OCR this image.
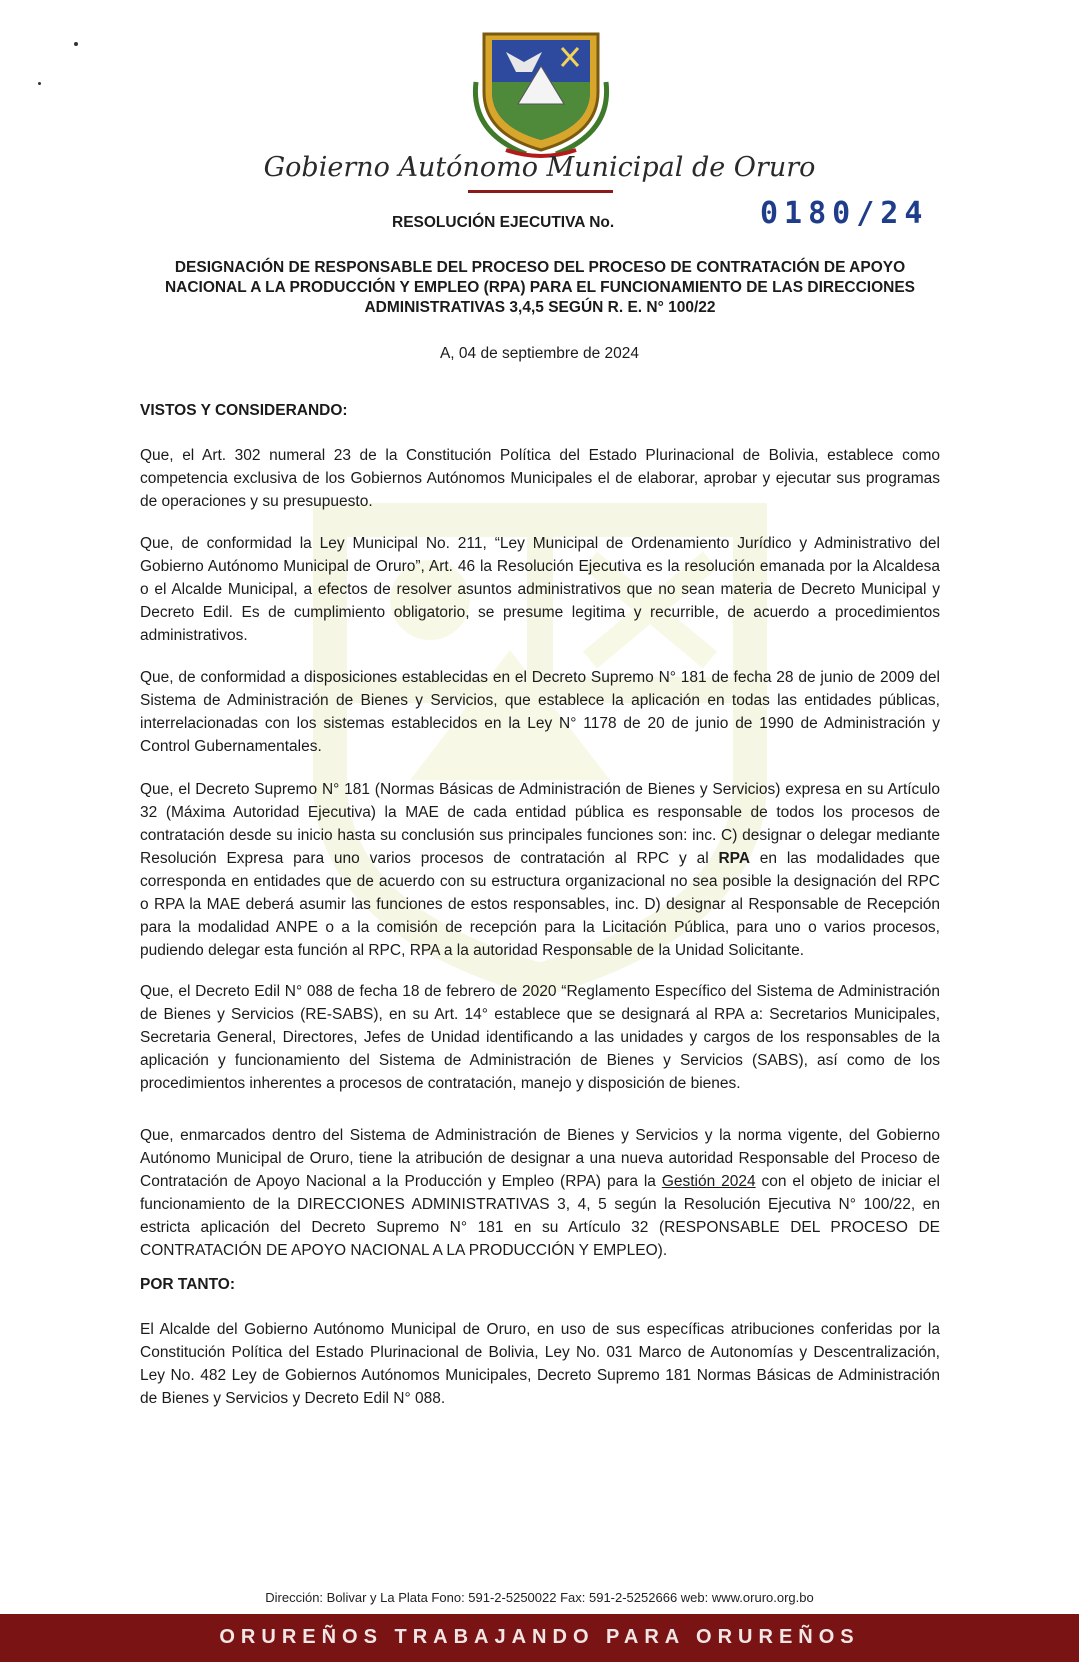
Gobierno Autónomo Municipal de Oruro
RESOLUCIÓN EJECUTIVA No.	0180/24
DESIGNACIÓN DE RESPONSABLE DEL PROCESO DEL PROCESO DE CONTRATACIÓN DE APOYO NACIONAL A LA PRODUCCIÓN Y EMPLEO (RPA) PARA EL FUNCIONAMIENTO DE LAS DIRECCIONES ADMINISTRATIVAS 3,4,5 SEGÚN R. E. N° 100/22
A, 04 de septiembre de 2024
VISTOS Y CONSIDERANDO:

Que, el Art. 302 numeral 23 de la Constitución Política del Estado Plurinacional de Bolivia, establece como competencia exclusiva de los Gobiernos Autónomos Municipales el de elaborar, aprobar y ejecutar sus programas de operaciones y su presupuesto.

Que, de conformidad la Ley Municipal No. 211, “Ley Municipal de Ordenamiento Jurídico y Administrativo del Gobierno Autónomo Municipal de Oruro”, Art. 46 la Resolución Ejecutiva es la resolución emanada por la Alcaldesa o el Alcalde Municipal, a efectos de resolver asuntos administrativos que no sean materia de Decreto Municipal y Decreto Edil. Es de cumplimiento obligatorio, se presume legitima y recurrible, de acuerdo a procedimientos administrativos.

Que, de conformidad a disposiciones establecidas en el Decreto Supremo N° 181 de fecha 28 de junio de 2009 del Sistema de Administración de Bienes y Servicios, que establece la aplicación en todas las entidades públicas, interrelacionadas con los sistemas establecidos en la Ley N° 1178 de 20 de junio de 1990 de Administración y Control Gubernamentales.

Que, el Decreto Supremo N° 181 (Normas Básicas de Administración de Bienes y Servicios) expresa en su Artículo 32 (Máxima Autoridad Ejecutiva) la MAE de cada entidad pública es responsable de todos los procesos de contratación desde su inicio hasta su conclusión sus principales funciones son: inc. C) designar o delegar mediante Resolución Expresa para uno varios procesos de contratación al RPC y al RPA en las modalidades que corresponda en entidades que de acuerdo con su estructura organizacional no sea posible la designación del RPC o RPA la MAE deberá asumir las funciones de estos responsables, inc. D) designar al Responsable de Recepción para la modalidad ANPE o a la comisión de recepción para la Licitación Pública, para uno o varios procesos, pudiendo delegar esta función al RPC, RPA a la autoridad Responsable de la Unidad Solicitante.

Que, el Decreto Edil N° 088 de fecha 18 de febrero de 2020 “Reglamento Específico del Sistema de Administración de Bienes y Servicios (RE-SABS), en su Art. 14° establece que se designará al RPA a: Secretarios Municipales, Secretaria General, Directores, Jefes de Unidad identificando a las unidades y cargos de los responsables de la aplicación y funcionamiento del Sistema de Administración de Bienes y Servicios (SABS), así como de los procedimientos inherentes a procesos de contratación, manejo y disposición de bienes.

Que, enmarcados dentro del Sistema de Administración de Bienes y Servicios y la norma vigente, del Gobierno Autónomo Municipal de Oruro, tiene la atribución de designar a una nueva autoridad Responsable del Proceso de Contratación de Apoyo Nacional a la Producción y Empleo (RPA) para la Gestión 2024 con el objeto de iniciar el funcionamiento de la DIRECCIONES ADMINISTRATIVAS 3, 4, 5 según la Resolución Ejecutiva N° 100/22, en estricta aplicación del Decreto Supremo N° 181 en su Artículo 32 (RESPONSABLE DEL PROCESO DE CONTRATACIÓN DE APOYO NACIONAL A LA PRODUCCIÓN Y EMPLEO).

POR TANTO:

El Alcalde del Gobierno Autónomo Municipal de Oruro, en uso de sus específicas atribuciones conferidas por la Constitución Política del Estado Plurinacional de Bolivia, Ley No. 031 Marco de Autonomías y Descentralización, Ley No. 482 Ley de Gobiernos Autónomos Municipales, Decreto Supremo 181 Normas Básicas de Administración de Bienes y Servicios y Decreto Edil N° 088.

Dirección: Bolivar y La Plata Fono: 591-2-5250022 Fax: 591-2-5252666 web: www.oruro.org.bo
ORUREÑOS TRABAJANDO PARA ORUREÑOS
